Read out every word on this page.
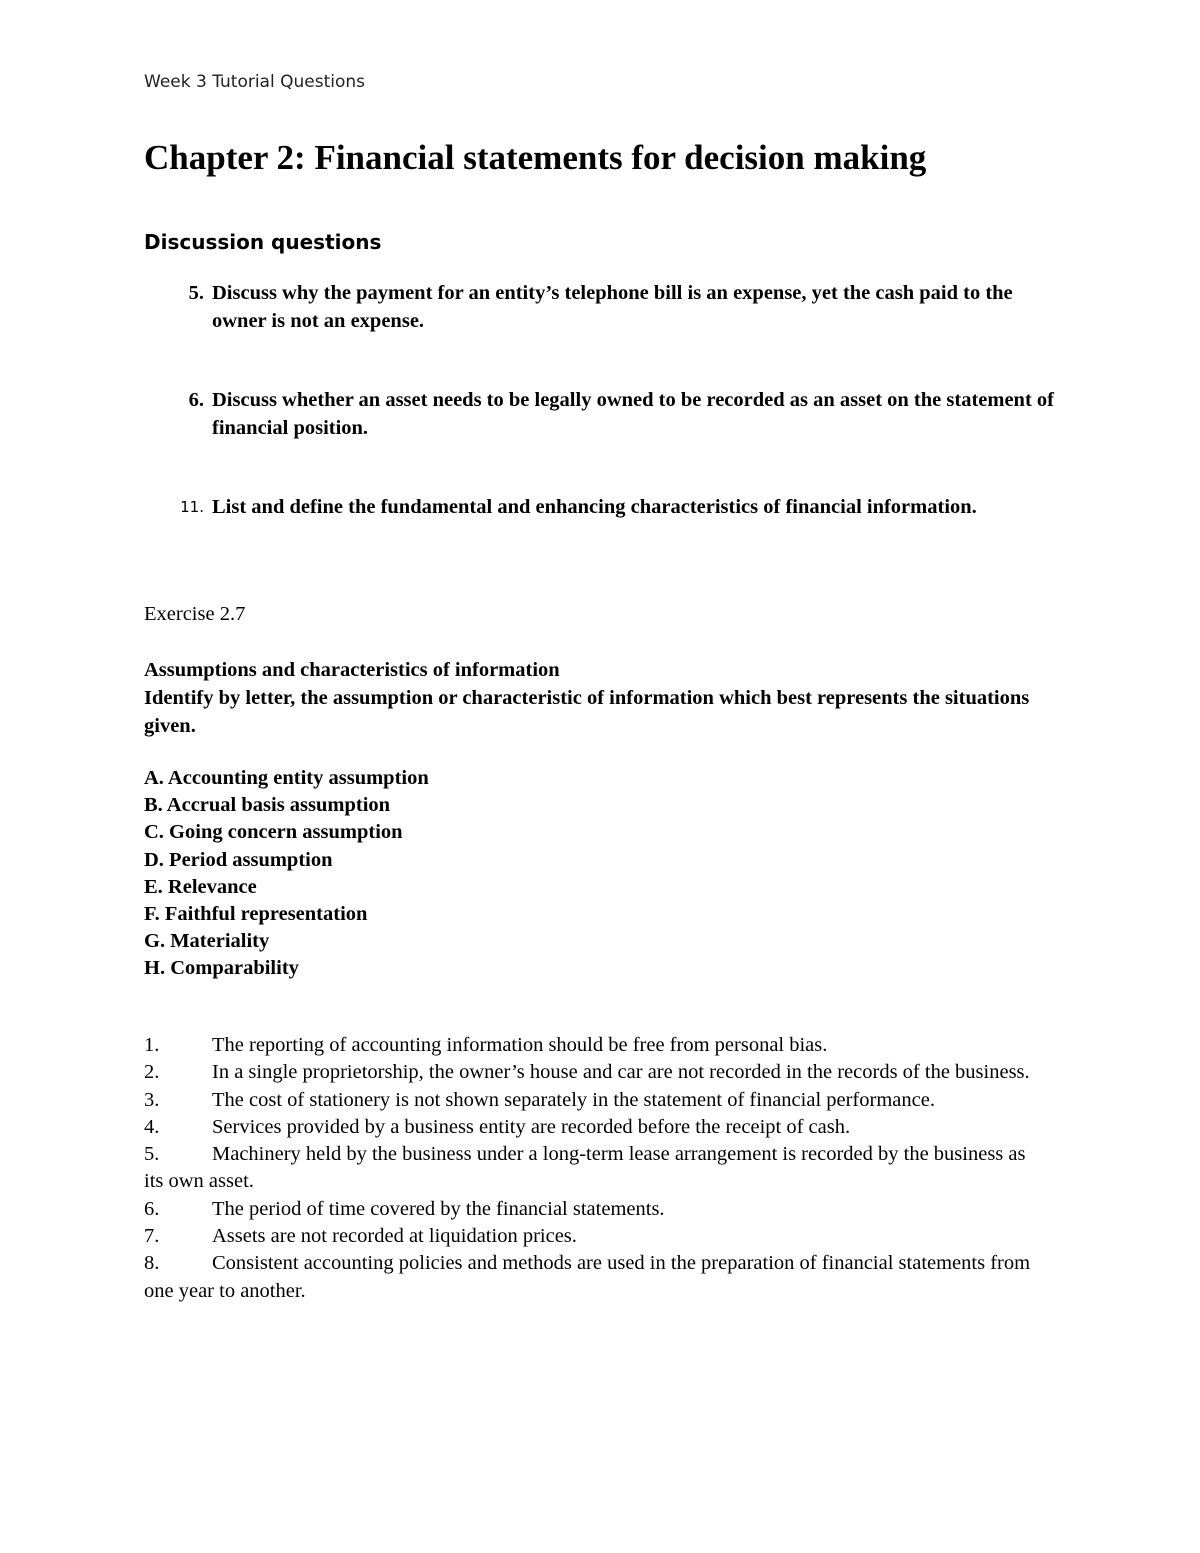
Week 3 Tutorial Questions
Chapter 2: Financial statements for decision making
Discussion questions
5. Discuss why the payment for an entity’s telephone bill is an expense, yet the cash paid to the owner is not an expense.
6. Discuss whether an asset needs to be legally owned to be recorded as an asset on the statement of financial position.
11. List and define the fundamental and enhancing characteristics of financial information.
Exercise 2.7
Assumptions and characteristics of information
Identify by letter, the assumption or characteristic of information which best represents the situations given.
A. Accounting entity assumption
B. Accrual basis assumption
C. Going concern assumption
D. Period assumption
E. Relevance
F. Faithful representation
G. Materiality
H. Comparability
1.	The reporting of accounting information should be free from personal bias.
2.	In a single proprietorship, the owner’s house and car are not recorded in the records of the business.
3.	The cost of stationery is not shown separately in the statement of financial performance.
4.	Services provided by a business entity are recorded before the receipt of cash.
5.	Machinery held by the business under a long-term lease arrangement is recorded by the business as its own asset.
6.	The period of time covered by the financial statements.
7.	Assets are not recorded at liquidation prices.
8.	Consistent accounting policies and methods are used in the preparation of financial statements from one year to another.
